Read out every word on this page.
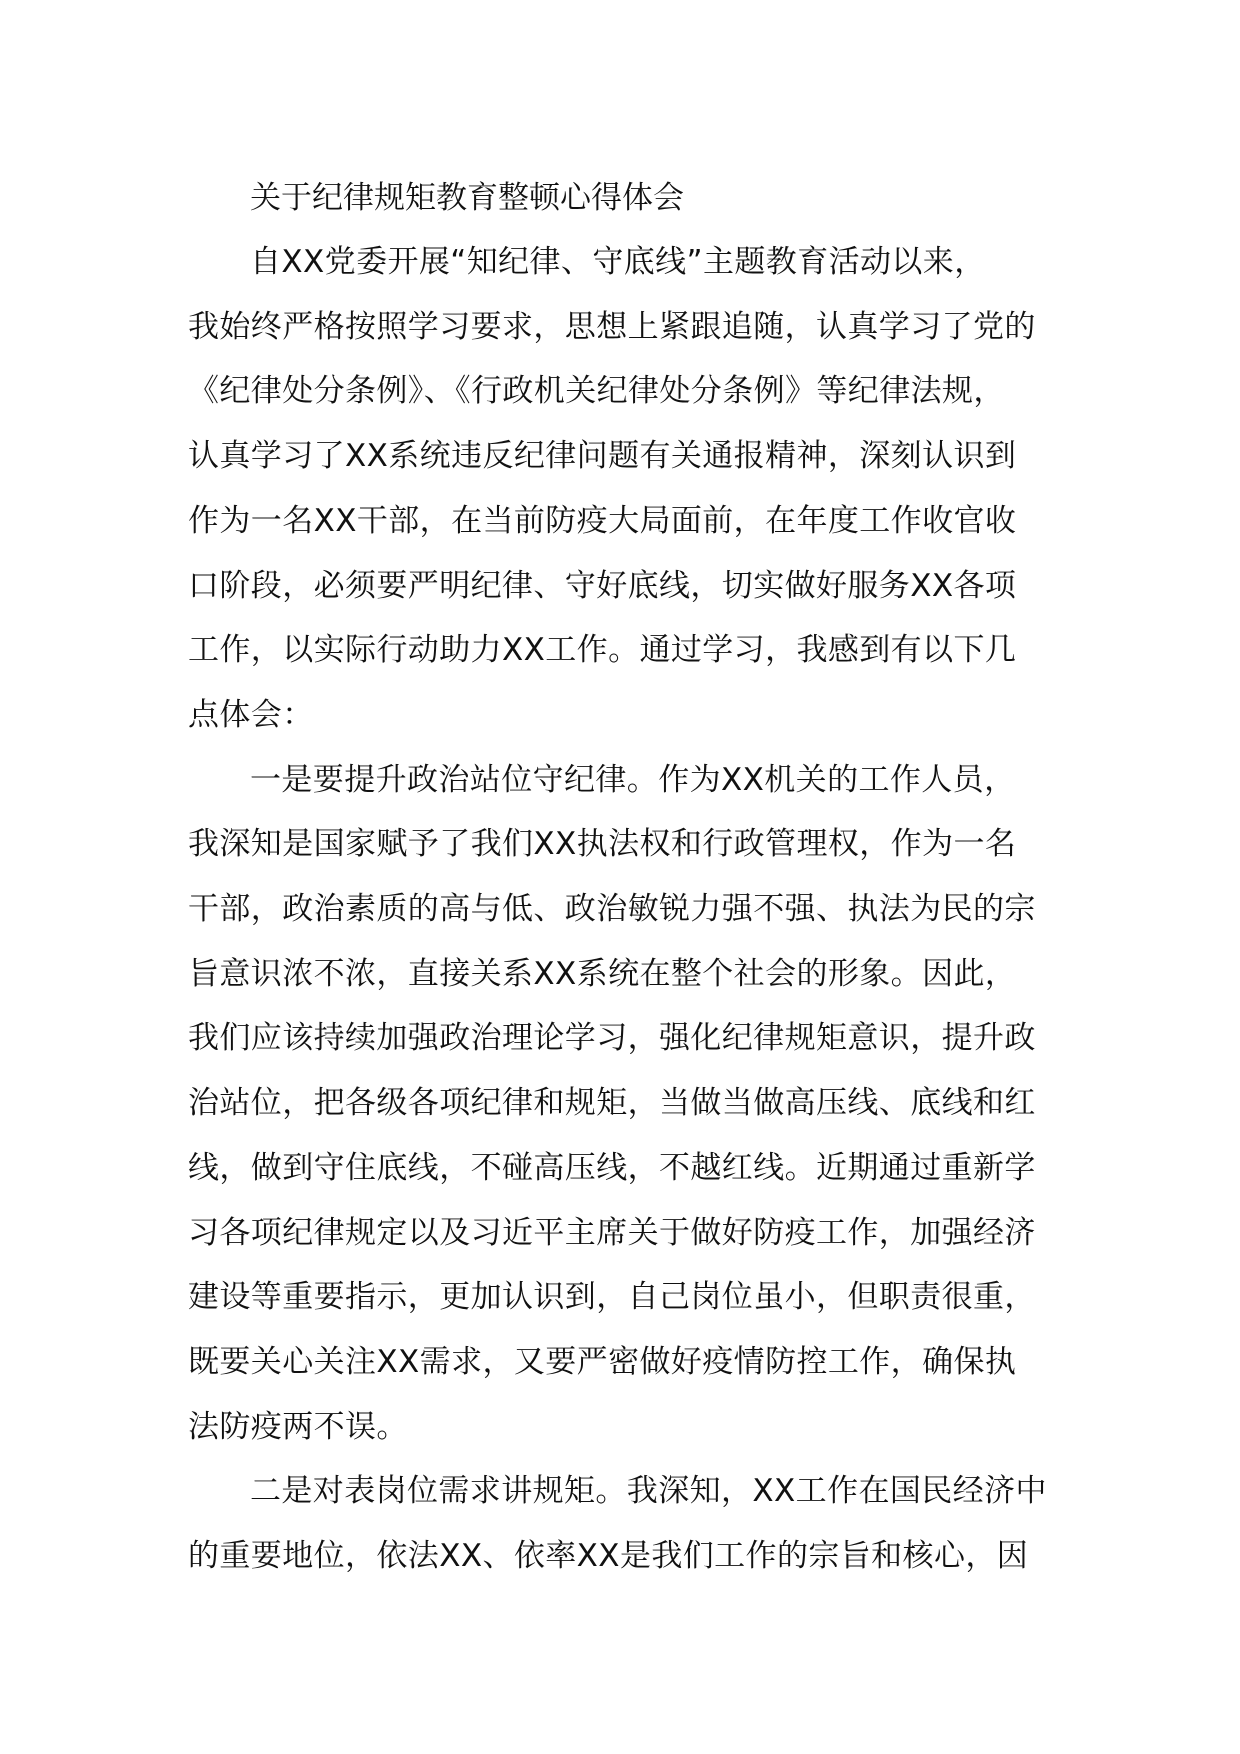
关于纪律规矩教育整顿心得体会

自XX党委开展“知纪律、守底线”主题教育活动以来，
我始终严格按照学习要求，思想上紧跟追随，认真学习了党的
《纪律处分条例》、《行政机关纪律处分条例》等纪律法规，
认真学习了XX系统违反纪律问题有关通报精神，深刻认识到
作为一名XX干部，在当前防疫大局面前，在年度工作收官收
口阶段，必须要严明纪律、守好底线，切实做好服务XX各项
工作，以实际行动助力XX工作。通过学习，我感到有以下几
点体会：

一是要提升政治站位守纪律。作为XX机关的工作人员，
我深知是国家赋予了我们XX执法权和行政管理权，作为一名
干部，政治素质的高与低、政治敏锐力强不强、执法为民的宗
旨意识浓不浓，直接关系XX系统在整个社会的形象。因此，
我们应该持续加强政治理论学习，强化纪律规矩意识，提升政
治站位，把各级各项纪律和规矩，当做当做高压线、底线和红
线，做到守住底线，不碰高压线，不越红线。近期通过重新学
习各项纪律规定以及习近平主席关于做好防疫工作，加强经济
建设等重要指示，更加认识到，自己岗位虽小，但职责很重，
既要关心关注XX需求，又要严密做好疫情防控工作，确保执
法防疫两不误。

二是对表岗位需求讲规矩。我深知，XX工作在国民经济中
的重要地位，依法XX、依率XX是我们工作的宗旨和核心，因
